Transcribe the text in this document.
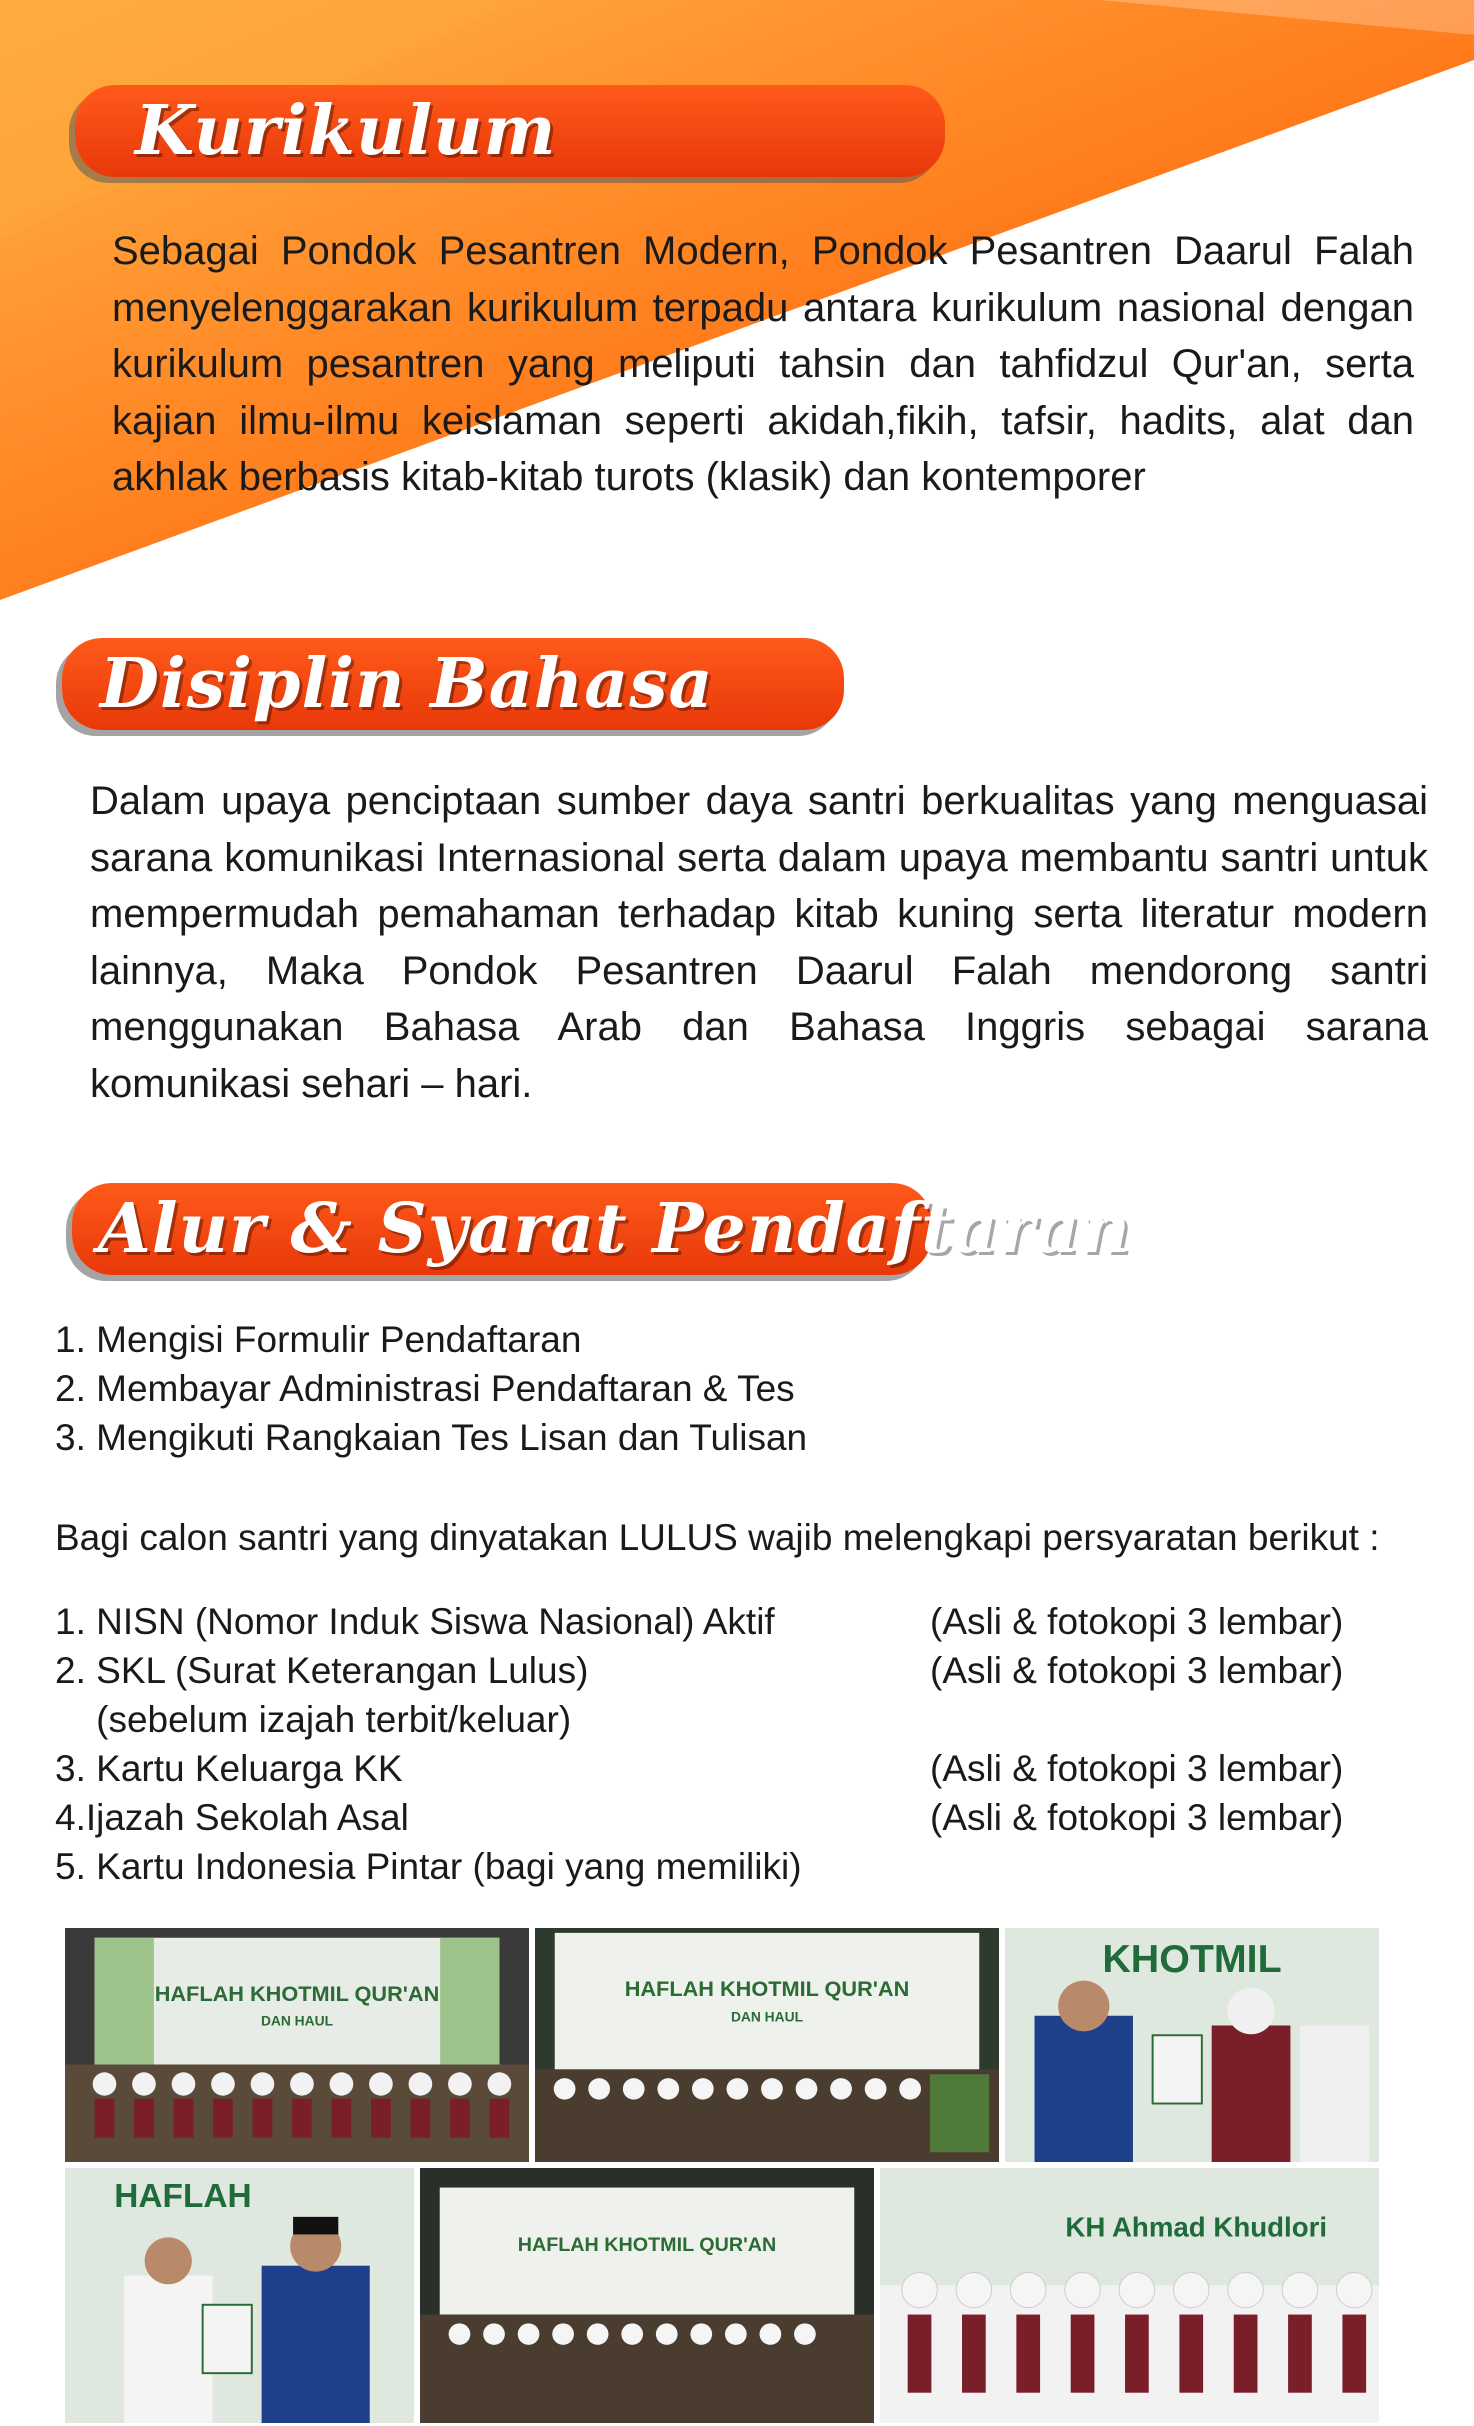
Kurikulum
Sebagai Pondok Pesantren Modern, Pondok Pesantren Daarul Falah menyelenggarakan kurikulum terpadu antara kurikulum nasional dengan kurikulum pesantren yang meliputi tahsin dan tahfidzul Qur'an, serta kajian ilmu-ilmu keislaman seperti akidah,fikih, tafsir, hadits, alat dan akhlak berbasis kitab-kitab turots (klasik) dan kontemporer
Disiplin Bahasa
Dalam upaya penciptaan sumber daya santri berkualitas yang menguasai sarana komunikasi Internasional serta dalam upaya membantu santri untuk mempermudah pemahaman terhadap kitab kuning serta literatur modern lainnya, Maka Pondok Pesantren Daarul Falah mendorong santri menggunakan Bahasa Arab dan Bahasa Inggris sebagai sarana komunikasi sehari – hari.
Alur & Syarat Pendaftaran
1. Mengisi Formulir Pendaftaran
2. Membayar Administrasi Pendaftaran & Tes
3. Mengikuti Rangkaian Tes Lisan dan Tulisan
Bagi calon santri yang dinyatakan LULUS wajib melengkapi persyaratan berikut :
1. NISN (Nomor Induk Siswa Nasional) Aktif	(Asli & fotokopi 3 lembar)
2. SKL (Surat Keterangan Lulus)	(Asli & fotokopi 3 lembar)
(sebelum izajah terbit/keluar)
3. Kartu Keluarga KK	(Asli & fotokopi 3 lembar)
4.Ijazah Sekolah Asal	(Asli & fotokopi 3 lembar)
5. Kartu Indonesia Pintar (bagi yang memiliki)
HAFLAH KHOTMIL QUR'AN
DAN HAUL
HAFLAH KHOTMIL QUR'AN
DAN HAUL
KHOTMIL
HAFLAH
HAFLAH KHOTMIL QUR'AN
KH Ahmad Khudlori
